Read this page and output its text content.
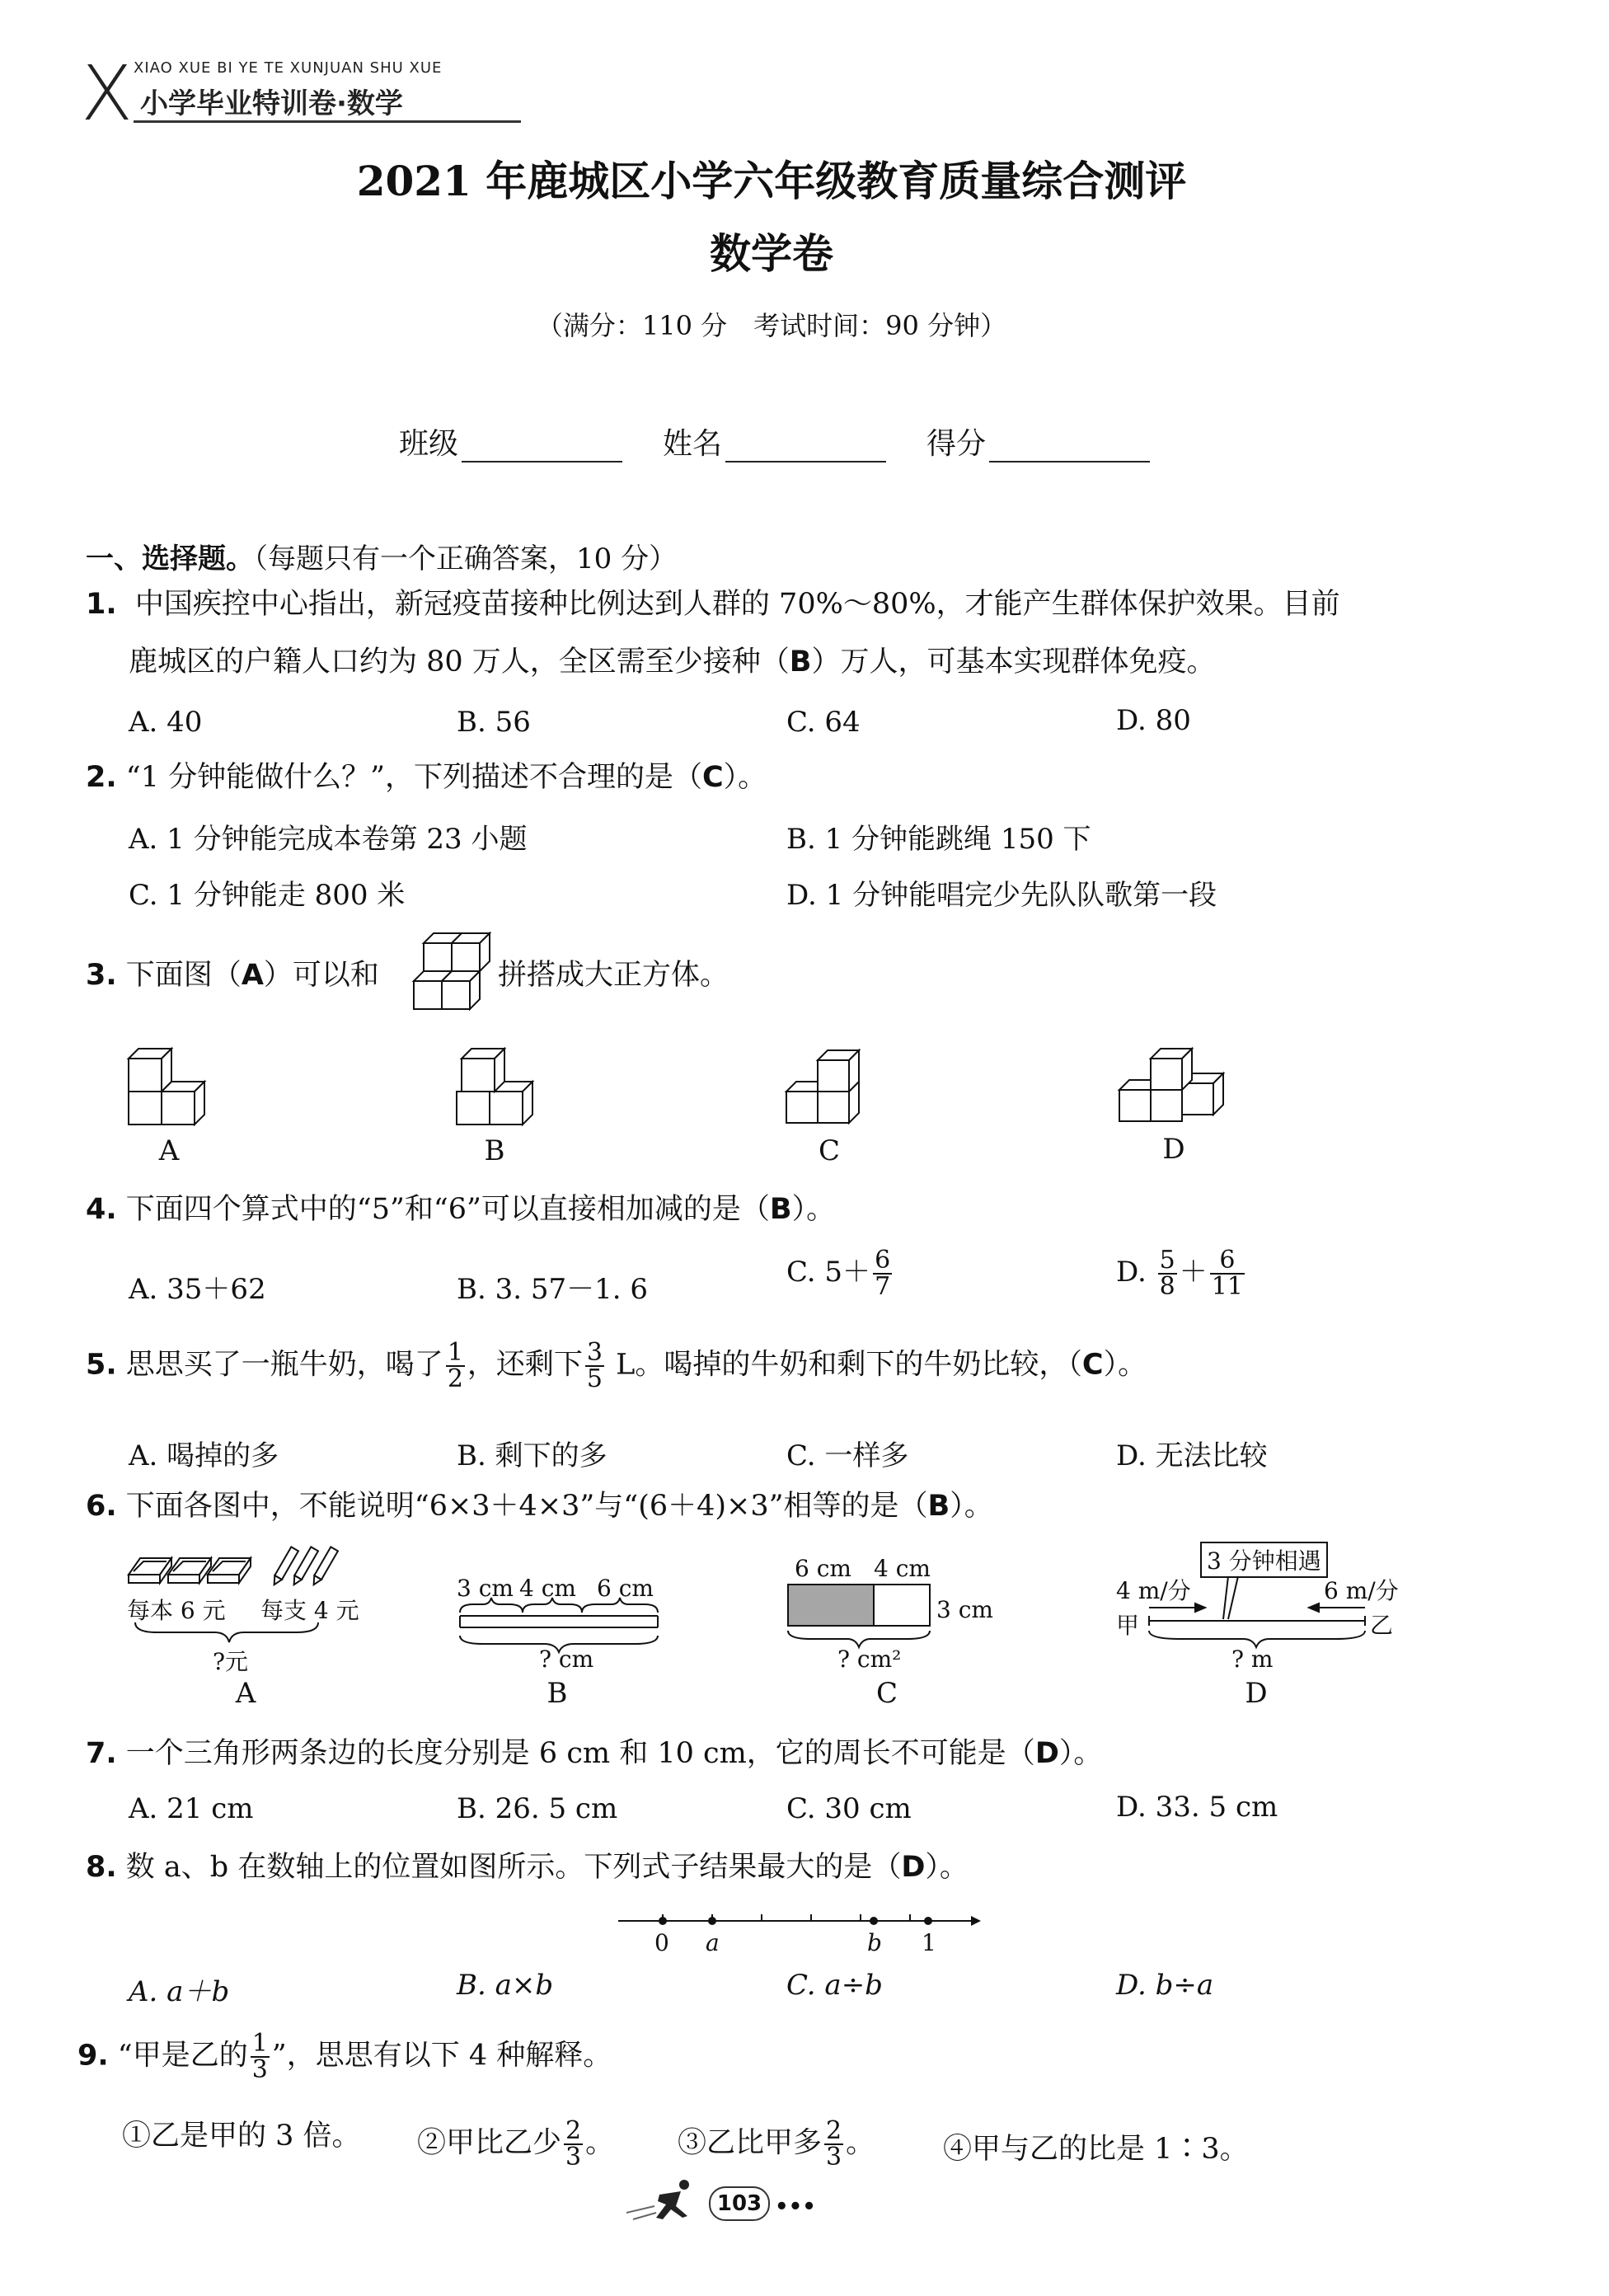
X XIAO XUE BI YE TE XUNJUAN SHU XUE
小学毕业特训卷·数学
2021 年鹿城区小学六年级教育质量综合测评
数学卷
（满分：110 分　考试时间：90 分钟）
班级	姓名	得分
一、选择题。（每题只有一个正确答案，10 分）
1. 中国疾控中心指出，新冠疫苗接种比例达到人群的 70%～80%，才能产生群体保护效果。目前
鹿城区的户籍人口约为 80 万人，全区需至少接种（B）万人，可基本实现群体免疫。
A. 40	B. 56	C. 64	D. 80
2. “1 分钟能做什么？”，下列描述不合理的是（C）。
A. 1 分钟能完成本卷第 23 小题	B. 1 分钟能跳绳 150 下
C. 1 分钟能走 800 米	D. 1 分钟能唱完少先队队歌第一段
3. 下面图（A）可以和	拼搭成大正方体。
A	B	C	D
4. 下面四个算式中的“5”和“6”可以直接相加减的是（B）。
A. 35＋62	B. 3. 57－1. 6
C. $5+ \frac{6}{7}$	D. $\frac{5}{8} + \frac{6}{11}$
5. 思思买了一瓶牛奶，喝了 $\frac{1}{2}$ ，还剩下 $\frac{3}{5}$ L。喝掉的牛奶和剩下的牛奶比较，（C）。
A. 喝掉的多	B. 剩下的多	C. 一样多	D. 无法比较
6. 下面各图中，不能说明“6×3＋4×3”与“(6＋4)×3”相等的是（B）。
每本 6 元 每支 4 元
?元
A
3 cm 4 cm 6 cm
? cm
B
6 cm 4 cm
3 cm
? cm²
C
3 分钟相遇
4 m/分	6 m/分
甲	乙
? m
D
7. 一个三角形两条边的长度分别是 6 cm 和 10 cm，它的周长不可能是（D）。
A. 21 cm	B. 26. 5 cm	C. 30 cm	D. 33. 5 cm
8. 数 a、b 在数轴上的位置如图所示。下列式子结果最大的是（D）。
0 a	b 1
A. a＋b	B. a×b	C. a÷b	D. b÷a
9. “甲是乙的 $\frac{1}{3}$ ”，思思有以下 4 种解释。
①乙是甲的 3 倍。 ②甲比乙少 $\frac{2}{3}$ 。 ③乙比甲多 $\frac{2}{3}$ 。 ④甲与乙的比是 1∶3。
103 •••
